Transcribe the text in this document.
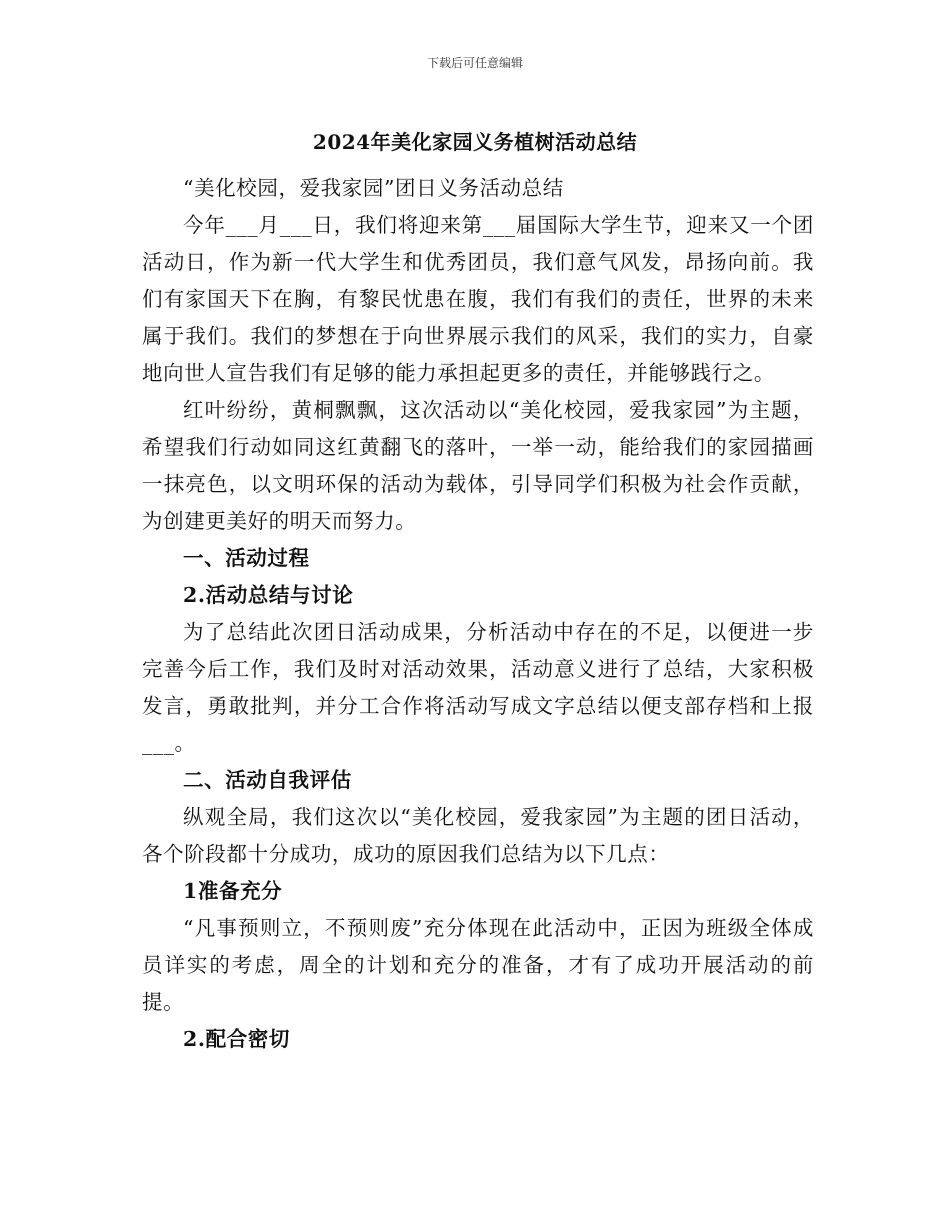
下载后可任意编辑
2024年美化家园义务植树活动总结
“美化校园，爱我家园”团日义务活动总结
今年___月___日，我们将迎来第___届国际大学生节，迎来又一个团活动日，作为新一代大学生和优秀团员，我们意气风发，昂扬向前。我们有家国天下在胸，有黎民忧患在腹，我们有我们的责任，世界的未来属于我们。我们的梦想在于向世界展示我们的风采，我们的实力，自豪地向世人宣告我们有足够的能力承担起更多的责任，并能够践行之。
红叶纷纷，黄桐飘飘，这次活动以“美化校园，爱我家园”为主题，希望我们行动如同这红黄翻飞的落叶，一举一动，能给我们的家园描画一抹亮色，以文明环保的活动为载体，引导同学们积极为社会作贡献，为创建更美好的明天而努力。
一、活动过程
2.活动总结与讨论
为了总结此次团日活动成果，分析活动中存在的不足，以便进一步完善今后工作，我们及时对活动效果，活动意义进行了总结，大家积极发言，勇敢批判，并分工合作将活动写成文字总结以便支部存档和上报___。
二、活动自我评估
纵观全局，我们这次以“美化校园，爱我家园”为主题的团日活动，各个阶段都十分成功，成功的原因我们总结为以下几点：
1准备充分
“凡事预则立，不预则废”充分体现在此活动中，正因为班级全体成员详实的考虑，周全的计划和充分的准备，才有了成功开展活动的前提。
2.配合密切
